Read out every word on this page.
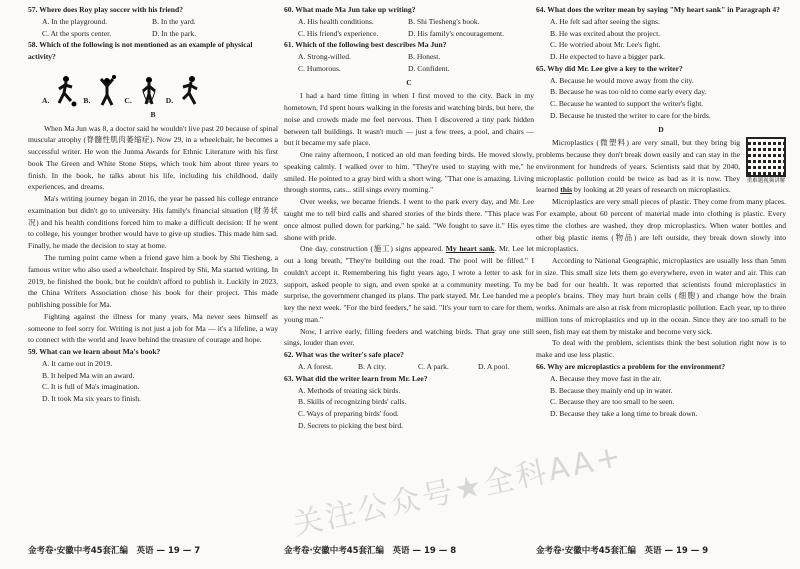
57. Where does Roy play soccer with his friend?

A. In the playground.	B. In the yard.
C. At the sports center.	D. In the park.

58. Which of the following is not mentioned as an example of physical activity?

A.	B.	C.	D.

B

When Ma Jun was 8, a doctor said he wouldn't live past 20 because of spinal muscular atrophy (脊髓性肌肉萎缩症). Now 29, in a wheelchair, he becomes a successful writer. He won the Junma Awards for Ethnic Literature with his first book The Green and White Stone Steps, which took him about three years to finish. In the book, he talks about his life, including his childhood, daily experiences, and dreams.

Ma's writing journey began in 2016, the year he passed his college entrance examination but didn't go to university. His family's financial situation (财务状况) and his health conditions forced him to make a difficult decision: If he went to college, his younger brother would have to give up studies. This made him sad. Finally, he made the decision to stay at home.

The turning point came when a friend gave him a book by Shi Tiesheng, a famous writer who also used a wheelchair. Inspired by Shi, Ma started writing. In 2019, he finished the book, but he couldn't afford to publish it. Luckily in 2023, the China Writers Association chose his book for their project. This made publishing possible for Ma.

Fighting against the illness for many years, Ma never sees himself as someone to feel sorry for. Writing is not just a job for Ma — it's a lifeline, a way to connect with the world and leave behind the treasure of courage and hope.

59. What can we learn about Ma's book?

A. It came out in 2019.
B. It helped Ma win an award.
C. It is full of Ma's imagination.
D. It took Ma six years to finish.

60. What made Ma Jun take up writing?

A. His health conditions.	B. Shi Tiesheng's book.
C. His friend's experience.	D. His family's encouragement.

61. Which of the following best describes Ma Jun?

A. Strong-willed.	B. Honest.
C. Humorous.	D. Confident.

C

I had a hard time fitting in when I first moved to the city. Back in my hometown, I'd spent hours walking in the forests and watching birds, but here, the noise and crowds made me feel nervous. Then I discovered a tiny park hidden between tall buildings. It wasn't much — just a few trees, a pool, and chairs — but it became my safe place.

One rainy afternoon, I noticed an old man feeding birds. He moved slowly, speaking calmly. I walked over to him. "They're used to staying with me," he smiled. He pointed to a gray bird with a short wing. "That one is amazing. Living through storms, cats... still sings every morning."

Over weeks, we became friends. I went to the park every day, and Mr. Lee taught me to tell bird calls and shared stories of the birds there. "This place was once almost pulled down for parking," he said. "We fought to save it." His eyes shone with pride.

One day, construction (施工) signs appeared. My heart sank. Mr. Lee let out a long breath, "They're building out the road. The pool will be filled." I couldn't accept it. Remembering his fight years ago, I wrote a letter to ask for support, asked people to sign, and even spoke at a community meeting. To my surprise, the government changed its plans. The park stayed. Mr. Lee handed me a key the next week. "For the bird feeders," he said. "It's your turn to care for them, young man."

Now, I arrive early, filling feeders and watching birds. That gray one still sings, louder than ever.

62. What was the writer's safe place?

A. A forest.	B. A city.	C. A park.	D. A pool.

63. What did the writer learn from Mr. Lee?

A. Methods of treating sick birds.
B. Skills of recognizing birds' calls.
C. Ways of preparing birds' food.
D. Secrets to picking the best bird.

64. What does the writer mean by saying "My heart sank" in Paragraph 4?

A. He felt sad after seeing the signs.
B. He was excited about the project.
C. He worried about Mr. Lee's fight.
D. He expected to have a bigger park.

65. Why did Mr. Lee give a key to the writer?

A. Because he would move away from the city.
B. Because he was too old to come early every day.
C. Because he wanted to support the writer's fight.
D. Because he trusted the writer to care for the birds.

D

重难题视频讲解

Microplastics (微塑料) are very small, but they bring big problems because they don't break down easily and can stay in the environment for hundreds of years. Scientists said that by 2040, microplastic pollution could be twice as bad as it is now. They learned this by looking at 20 years of research on microplastics.

Microplastics are very small pieces of plastic. They come from many places. For example, about 60 percent of material made into clothing is plastic. Every time the clothes are washed, they drop microplastics. When water bottles and other big plastic items (物品) are left outside, they break down slowly into microplastics.

According to National Geographic, microplastics are usually less than 5mm in size. This small size lets them go everywhere, even in water and air. This can be bad for our health. It was reported that scientists found microplastics in people's brains. They may hurt brain cells (细胞) and change how the brain works. Animals are also at risk from microplastic pollution. Each year, up to three million tons of microplastics end up in the ocean. Since they are too small to be seen, fish may eat them by mistake and become very sick.

To deal with the problem, scientists think the best solution right now is to make and use less plastic.

66. Why are microplastics a problem for the environment?

A. Because they move fast in the air.
B. Because they mainly end up in water.
C. Because they are too small to be seen.
D. Because they take a long time to break down.
金考卷·安徽中考45套汇编　英语 — 19 — 7	金考卷·安徽中考45套汇编　英语 — 19 — 8	金考卷·安徽中考45套汇编　英语 — 19 — 9
关注公众号★全科AA+
